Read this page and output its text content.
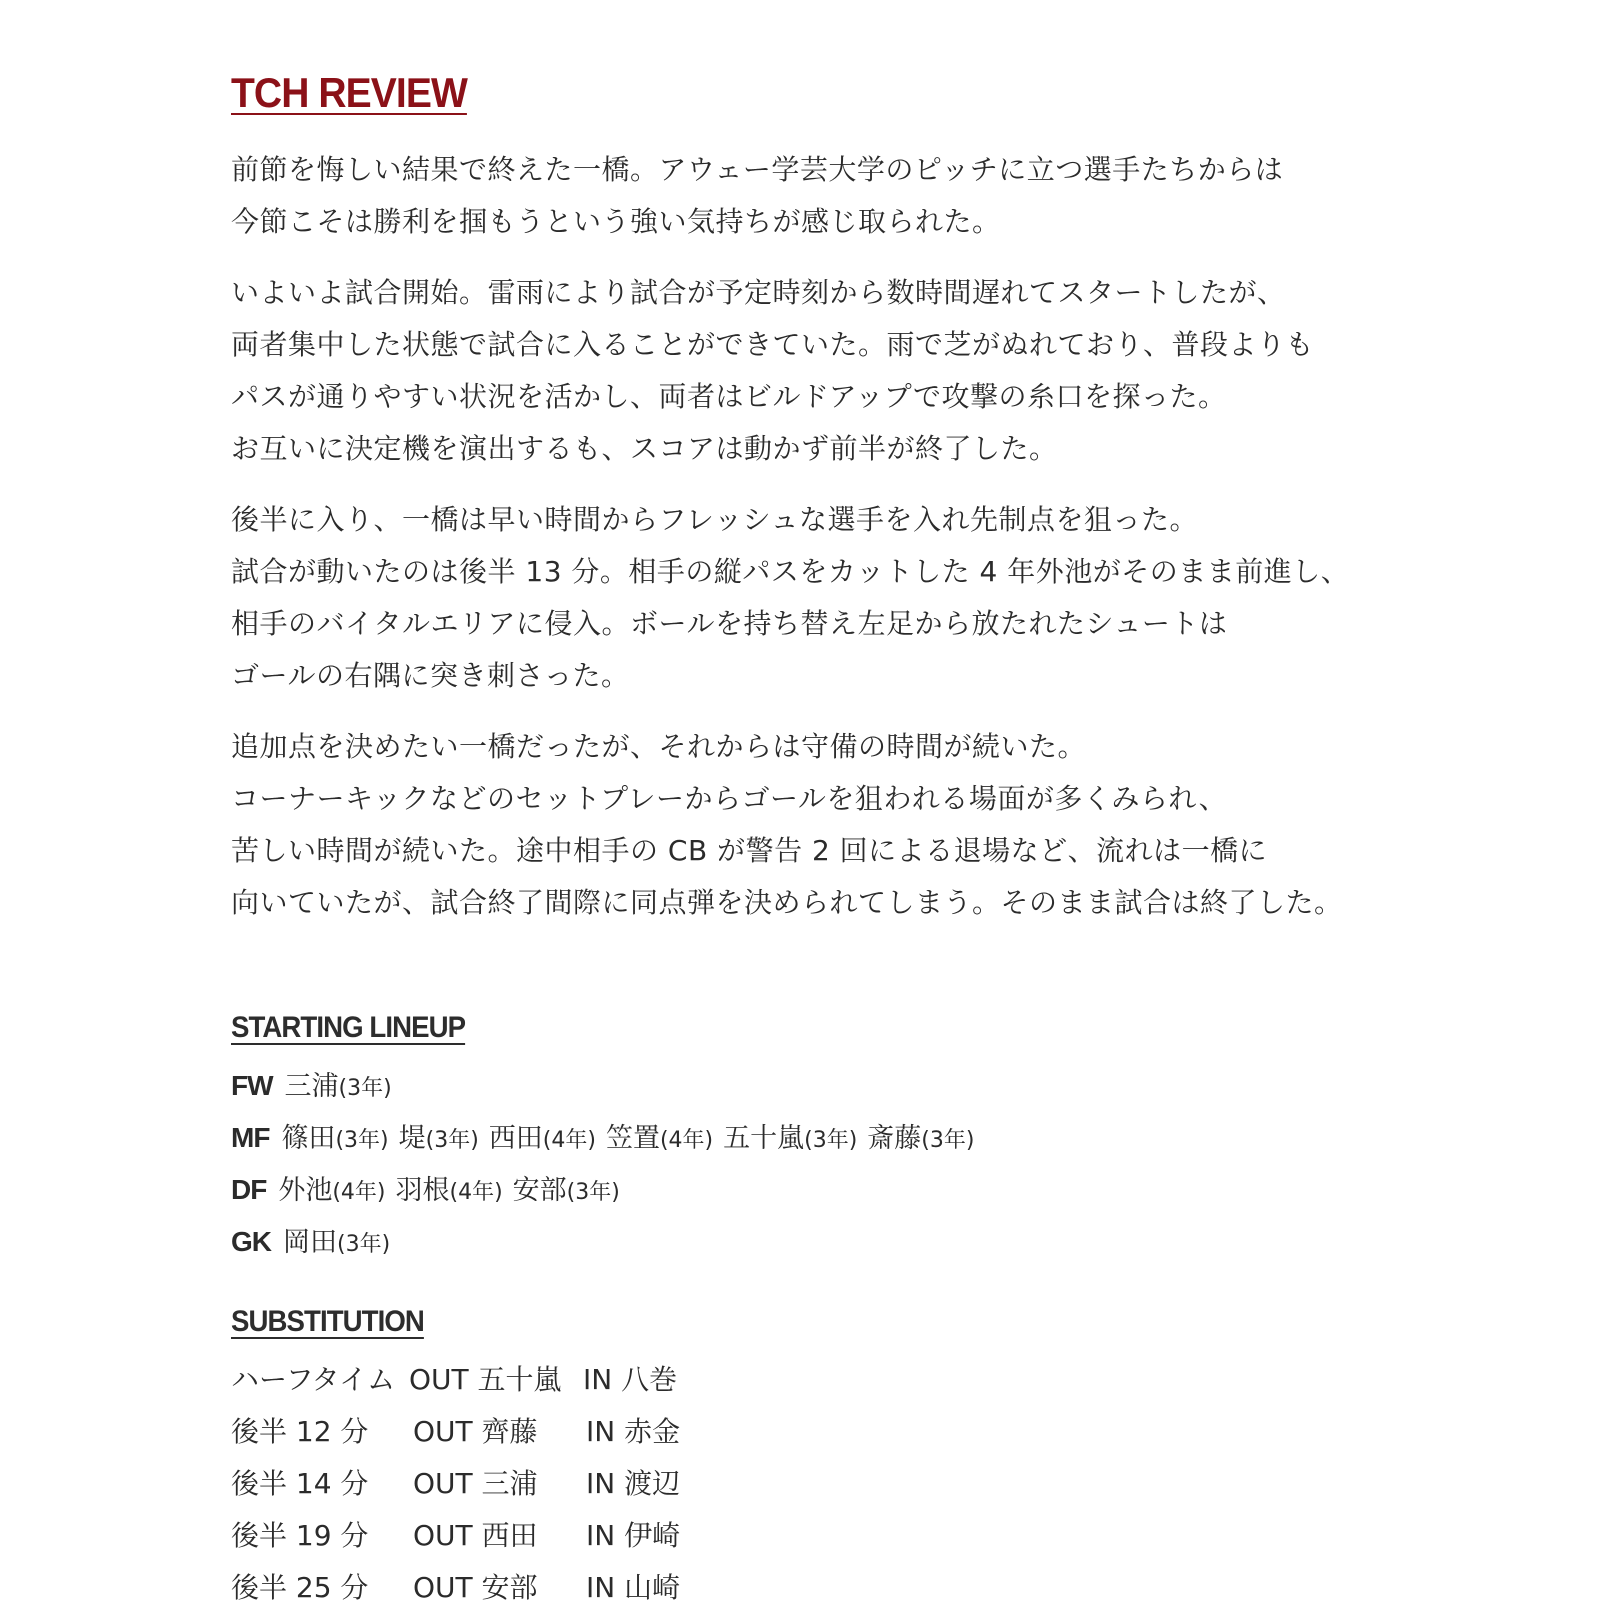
TCH REVIEW

前節を悔しい結果で終えた一橋。アウェー学芸大学のピッチに立つ選手たちからは
今節こそは勝利を掴もうという強い気持ちが感じ取られた。

いよいよ試合開始。雷雨により試合が予定時刻から数時間遅れてスタートしたが、
両者集中した状態で試合に入ることができていた。雨で芝がぬれており、普段よりも
パスが通りやすい状況を活かし、両者はビルドアップで攻撃の糸口を探った。
お互いに決定機を演出するも、スコアは動かず前半が終了した。

後半に入り、一橋は早い時間からフレッシュな選手を入れ先制点を狙った。
試合が動いたのは後半 13 分。相手の縦パスをカットした 4 年外池がそのまま前進し、
相手のバイタルエリアに侵入。ボールを持ち替え左足から放たれたシュートは
ゴールの右隅に突き刺さった。

追加点を決めたい一橋だったが、それからは守備の時間が続いた。
コーナーキックなどのセットプレーからゴールを狙われる場面が多くみられ、
苦しい時間が続いた。途中相手の CB が警告 2 回による退場など、流れは一橋に
向いていたが、試合終了間際に同点弾を決められてしまう。そのまま試合は終了した。

STARTING LINEUP
FW 三浦(3年)
MF 篠田(3年) 堤(3年) 西田(4年) 笠置(4年) 五十嵐(3年) 斎藤(3年)
DF 外池(4年) 羽根(4年) 安部(3年)
GK 岡田(3年)
SUBSTITUTION
ハーフタイム OUT 五十嵐 IN 八巻
後半 12 分 OUT 齊藤 IN 赤金
後半 14 分 OUT 三浦 IN 渡辺
後半 19 分 OUT 西田 IN 伊崎
後半 25 分 OUT 安部 IN 山崎
